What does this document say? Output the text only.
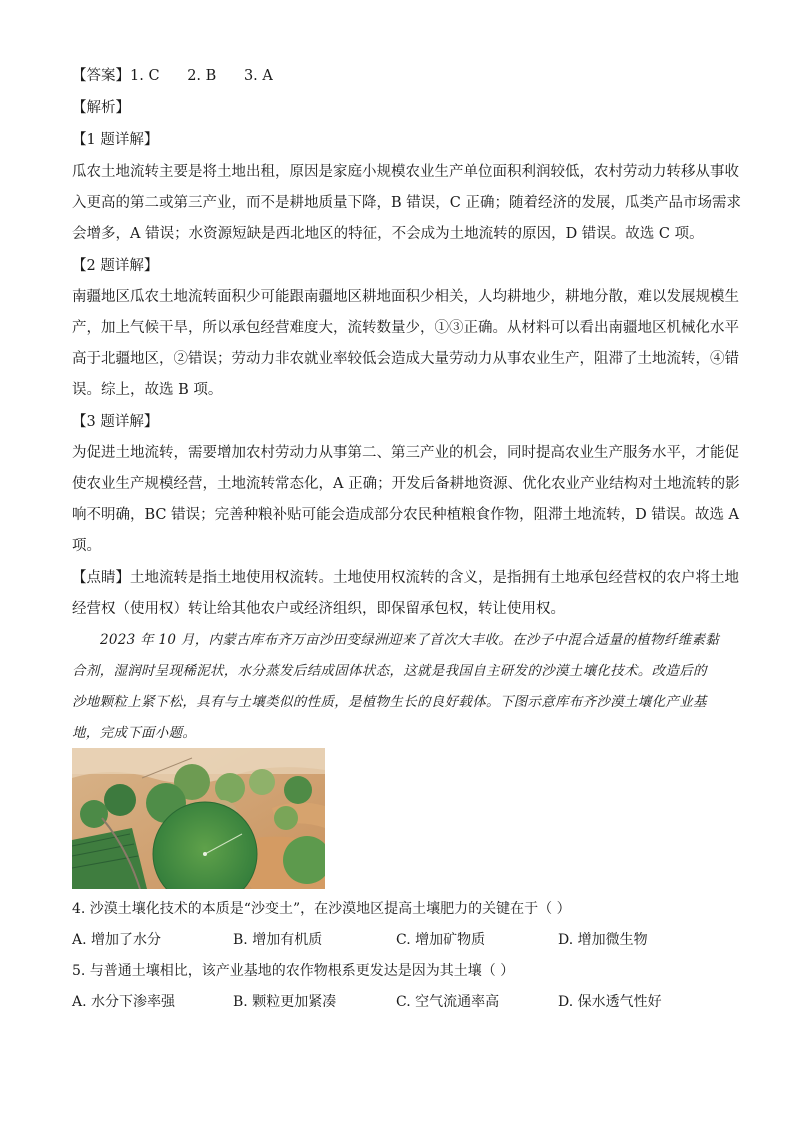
【答案】1. C      2. B      3. A
【解析】
【1 题详解】
瓜农土地流转主要是将土地出租，原因是家庭小规模农业生产单位面积利润较低，农村劳动力转移从事收
入更高的第二或第三产业，而不是耕地质量下降，B 错误，C 正确；随着经济的发展，瓜类产品市场需求
会增多，A 错误；水资源短缺是西北地区的特征，不会成为土地流转的原因，D 错误。故选 C 项。
【2 题详解】
南疆地区瓜农土地流转面积少可能跟南疆地区耕地面积少相关，人均耕地少，耕地分散，难以发展规模生
产，加上气候干旱，所以承包经营难度大，流转数量少，①③正确。从材料可以看出南疆地区机械化水平
高于北疆地区，②错误；劳动力非农就业率较低会造成大量劳动力从事农业生产，阻滞了土地流转，④错
误。综上，故选 B 项。
【3 题详解】
为促进土地流转，需要增加农村劳动力从事第二、第三产业的机会，同时提高农业生产服务水平，才能促
使农业生产规模经营，土地流转常态化，A 正确；开发后备耕地资源、优化农业产业结构对土地流转的影
响不明确，BC 错误；完善种粮补贴可能会造成部分农民种植粮食作物，阻滞土地流转，D 错误。故选 A
项。
【点睛】土地流转是指土地使用权流转。土地使用权流转的含义，是指拥有土地承包经营权的农户将土地
经营权（使用权）转让给其他农户或经济组织，即保留承包权，转让使用权。
2023 年 10 月，内蒙古库布齐万亩沙田变绿洲迎来了首次大丰收。在沙子中混合适量的植物纤维素黏
合剂，湿润时呈现稀泥状，水分蒸发后结成固体状态，这就是我国自主研发的沙漠土壤化技术。改造后的
沙地颗粒上紧下松，具有与土壤类似的性质，是植物生长的良好载体。下图示意库布齐沙漠土壤化产业基
地，完成下面小题。
4. 沙漠土壤化技术的本质是“沙变土”，在沙漠地区提高土壤肥力的关键在于（ ）
A. 增加了水分	B. 增加有机质	C. 增加矿物质	D. 增加微生物
5. 与普通土壤相比，该产业基地的农作物根系更发达是因为其土壤（ ）
A. 水分下渗率强	B. 颗粒更加紧凑	C. 空气流通率高	D. 保水透气性好
